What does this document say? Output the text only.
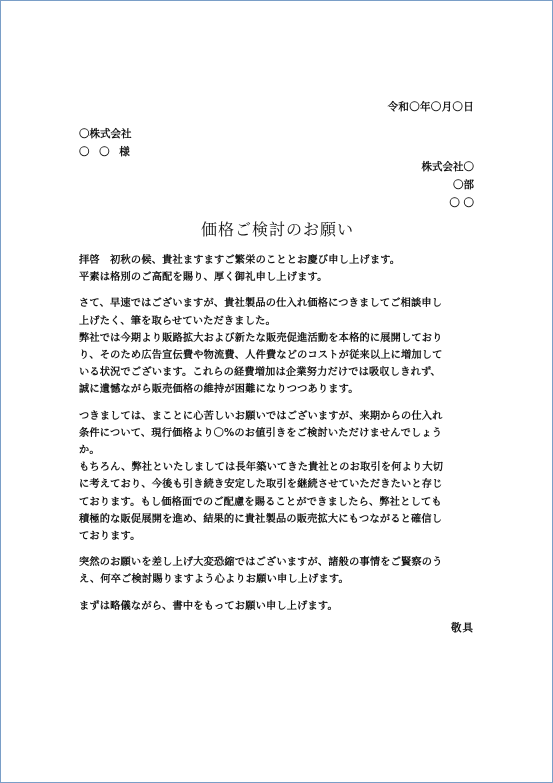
令和〇年〇月〇日
〇株式会社
〇 〇 様
株式会社〇
〇部
〇 〇
価格ご検討のお願い
拝啓　初秋の候、貴社ますますご繁栄のこととお慶び申し上げます。
平素は格別のご高配を賜り、厚く御礼申し上げます。
さて、早速ではございますが、貴社製品の仕入れ価格につきましてご相談申し
上げたく、筆を取らせていただきました。
弊社では今期より販路拡大および新たな販売促進活動を本格的に展開しており
り、そのため広告宣伝費や物流費、人件費などのコストが従来以上に増加して
いる状況でございます。これらの経費増加は企業努力だけでは吸収しきれず、
誠に遺憾ながら販売価格の維持が困難になりつつあります。
つきましては、まことに心苦しいお願いではございますが、来期からの仕入れ
条件について、現行価格より〇%のお値引きをご検討いただけませんでしょう
か。
もちろん、弊社といたしましては長年築いてきた貴社とのお取引を何より大切
に考えており、今後も引き続き安定した取引を継続させていただきたいと存じ
ております。もし価格面でのご配慮を賜ることができましたら、弊社としても
積極的な販促展開を進め、結果的に貴社製品の販売拡大にもつながると確信し
ております。
突然のお願いを差し上げ大変恐縮ではございますが、諸般の事情をご賢察のう
え、何卒ご検討賜りますよう心よりお願い申し上げます。
まずは略儀ながら、書中をもってお願い申し上げます。
敬具
